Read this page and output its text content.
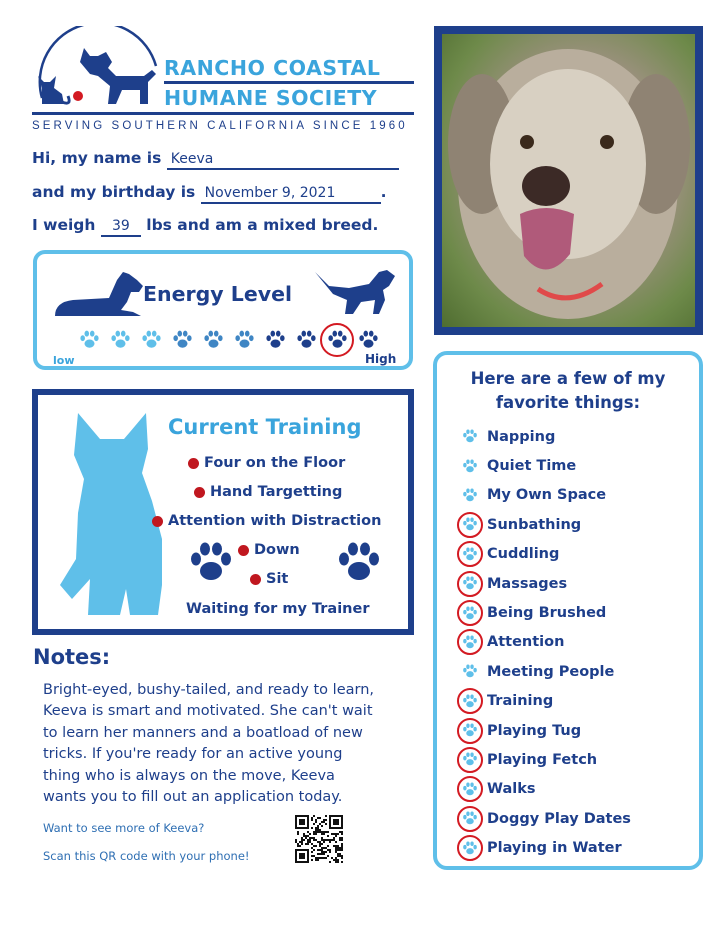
RANCHO COASTAL
HUMANE SOCIETY
SERVING SOUTHERN CALIFORNIA SINCE 1960
Hi, my name is Keeva
and my birthday is November 9, 2021	.
I weigh 39 lbs and am a mixed breed.
Energy Level
low	High
Current Training
Four on the Floor
Hand Targetting
Attention with Distraction
Down
Sit
Waiting for my Trainer
Notes:
Bright-eyed, bushy-tailed, and ready to learn,
Keeva is smart and motivated. She can't wait
to learn her manners and a boatload of new
tricks. If you're ready for an active young
thing who is always on the move, Keeva
wants you to fill out an application today.
Want to see more of Keeva?
Scan this QR code with your phone!
Here are a few of my
favorite things:
Napping
Quiet Time
My Own Space
Sunbathing
Cuddling
Massages
Being Brushed
Attention
Meeting People
Training
Playing Tug
Playing Fetch
Walks
Doggy Play Dates
Playing in Water
